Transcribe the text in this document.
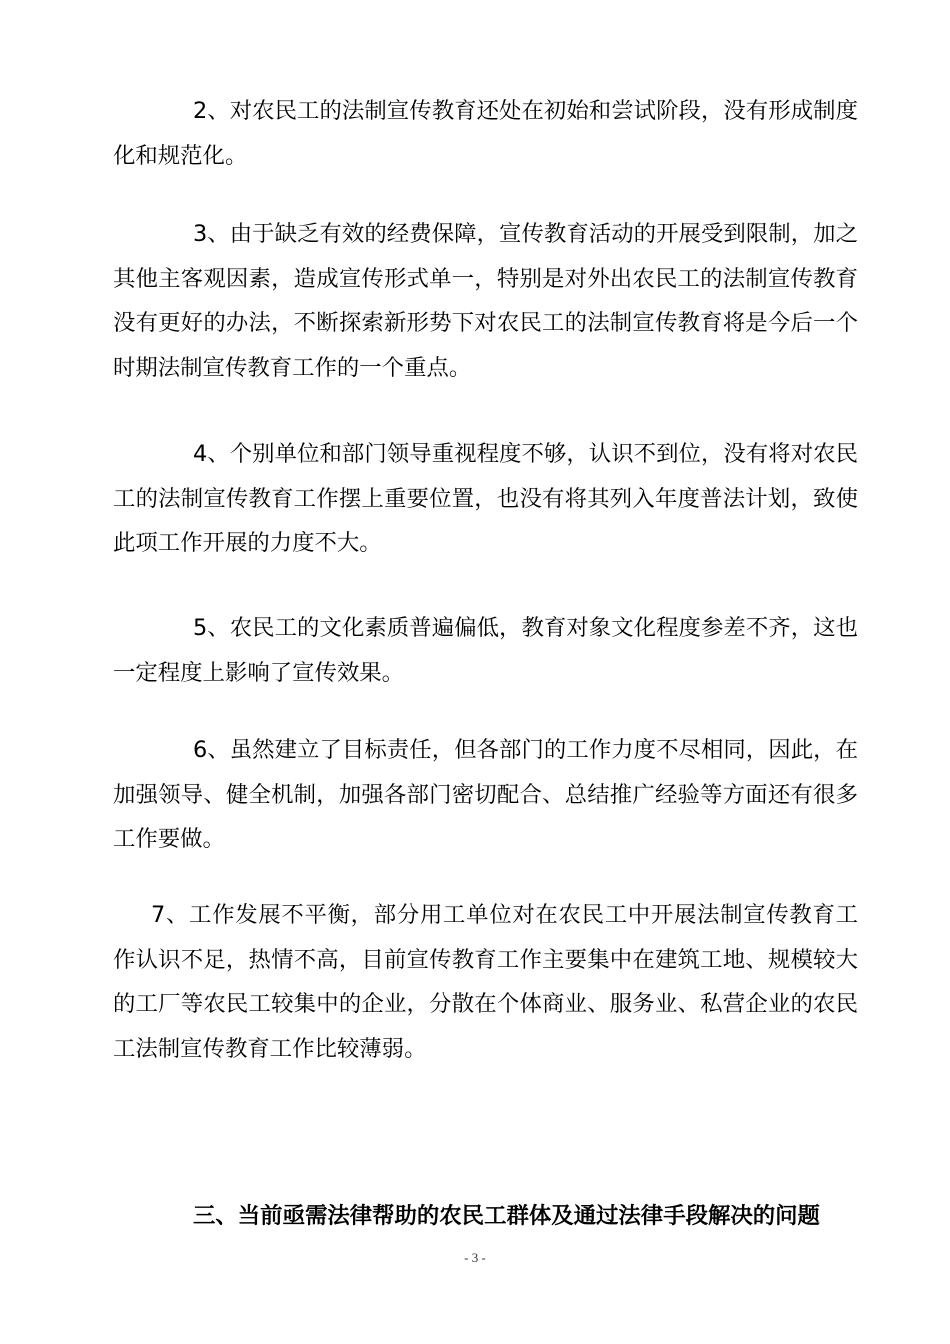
2、对农民工的法制宣传教育还处在初始和尝试阶段，没有形成制度化和规范化。

3、由于缺乏有效的经费保障，宣传教育活动的开展受到限制，加之其他主客观因素，造成宣传形式单一，特别是对外出农民工的法制宣传教育没有更好的办法，不断探索新形势下对农民工的法制宣传教育将是今后一个时期法制宣传教育工作的一个重点。

4、个别单位和部门领导重视程度不够，认识不到位，没有将对农民工的法制宣传教育工作摆上重要位置，也没有将其列入年度普法计划，致使此项工作开展的力度不大。

5、农民工的文化素质普遍偏低，教育对象文化程度参差不齐，这也一定程度上影响了宣传效果。

6、虽然建立了目标责任，但各部门的工作力度不尽相同，因此，在加强领导、健全机制，加强各部门密切配合、总结推广经验等方面还有很多工作要做。

7、工作发展不平衡，部分用工单位对在农民工中开展法制宣传教育工作认识不足，热情不高，目前宣传教育工作主要集中在建筑工地、规模较大的工厂等农民工较集中的企业，分散在个体商业、服务业、私营企业的农民工法制宣传教育工作比较薄弱。

三、当前亟需法律帮助的农民工群体及通过法律手段解决的问题
- 3 -
